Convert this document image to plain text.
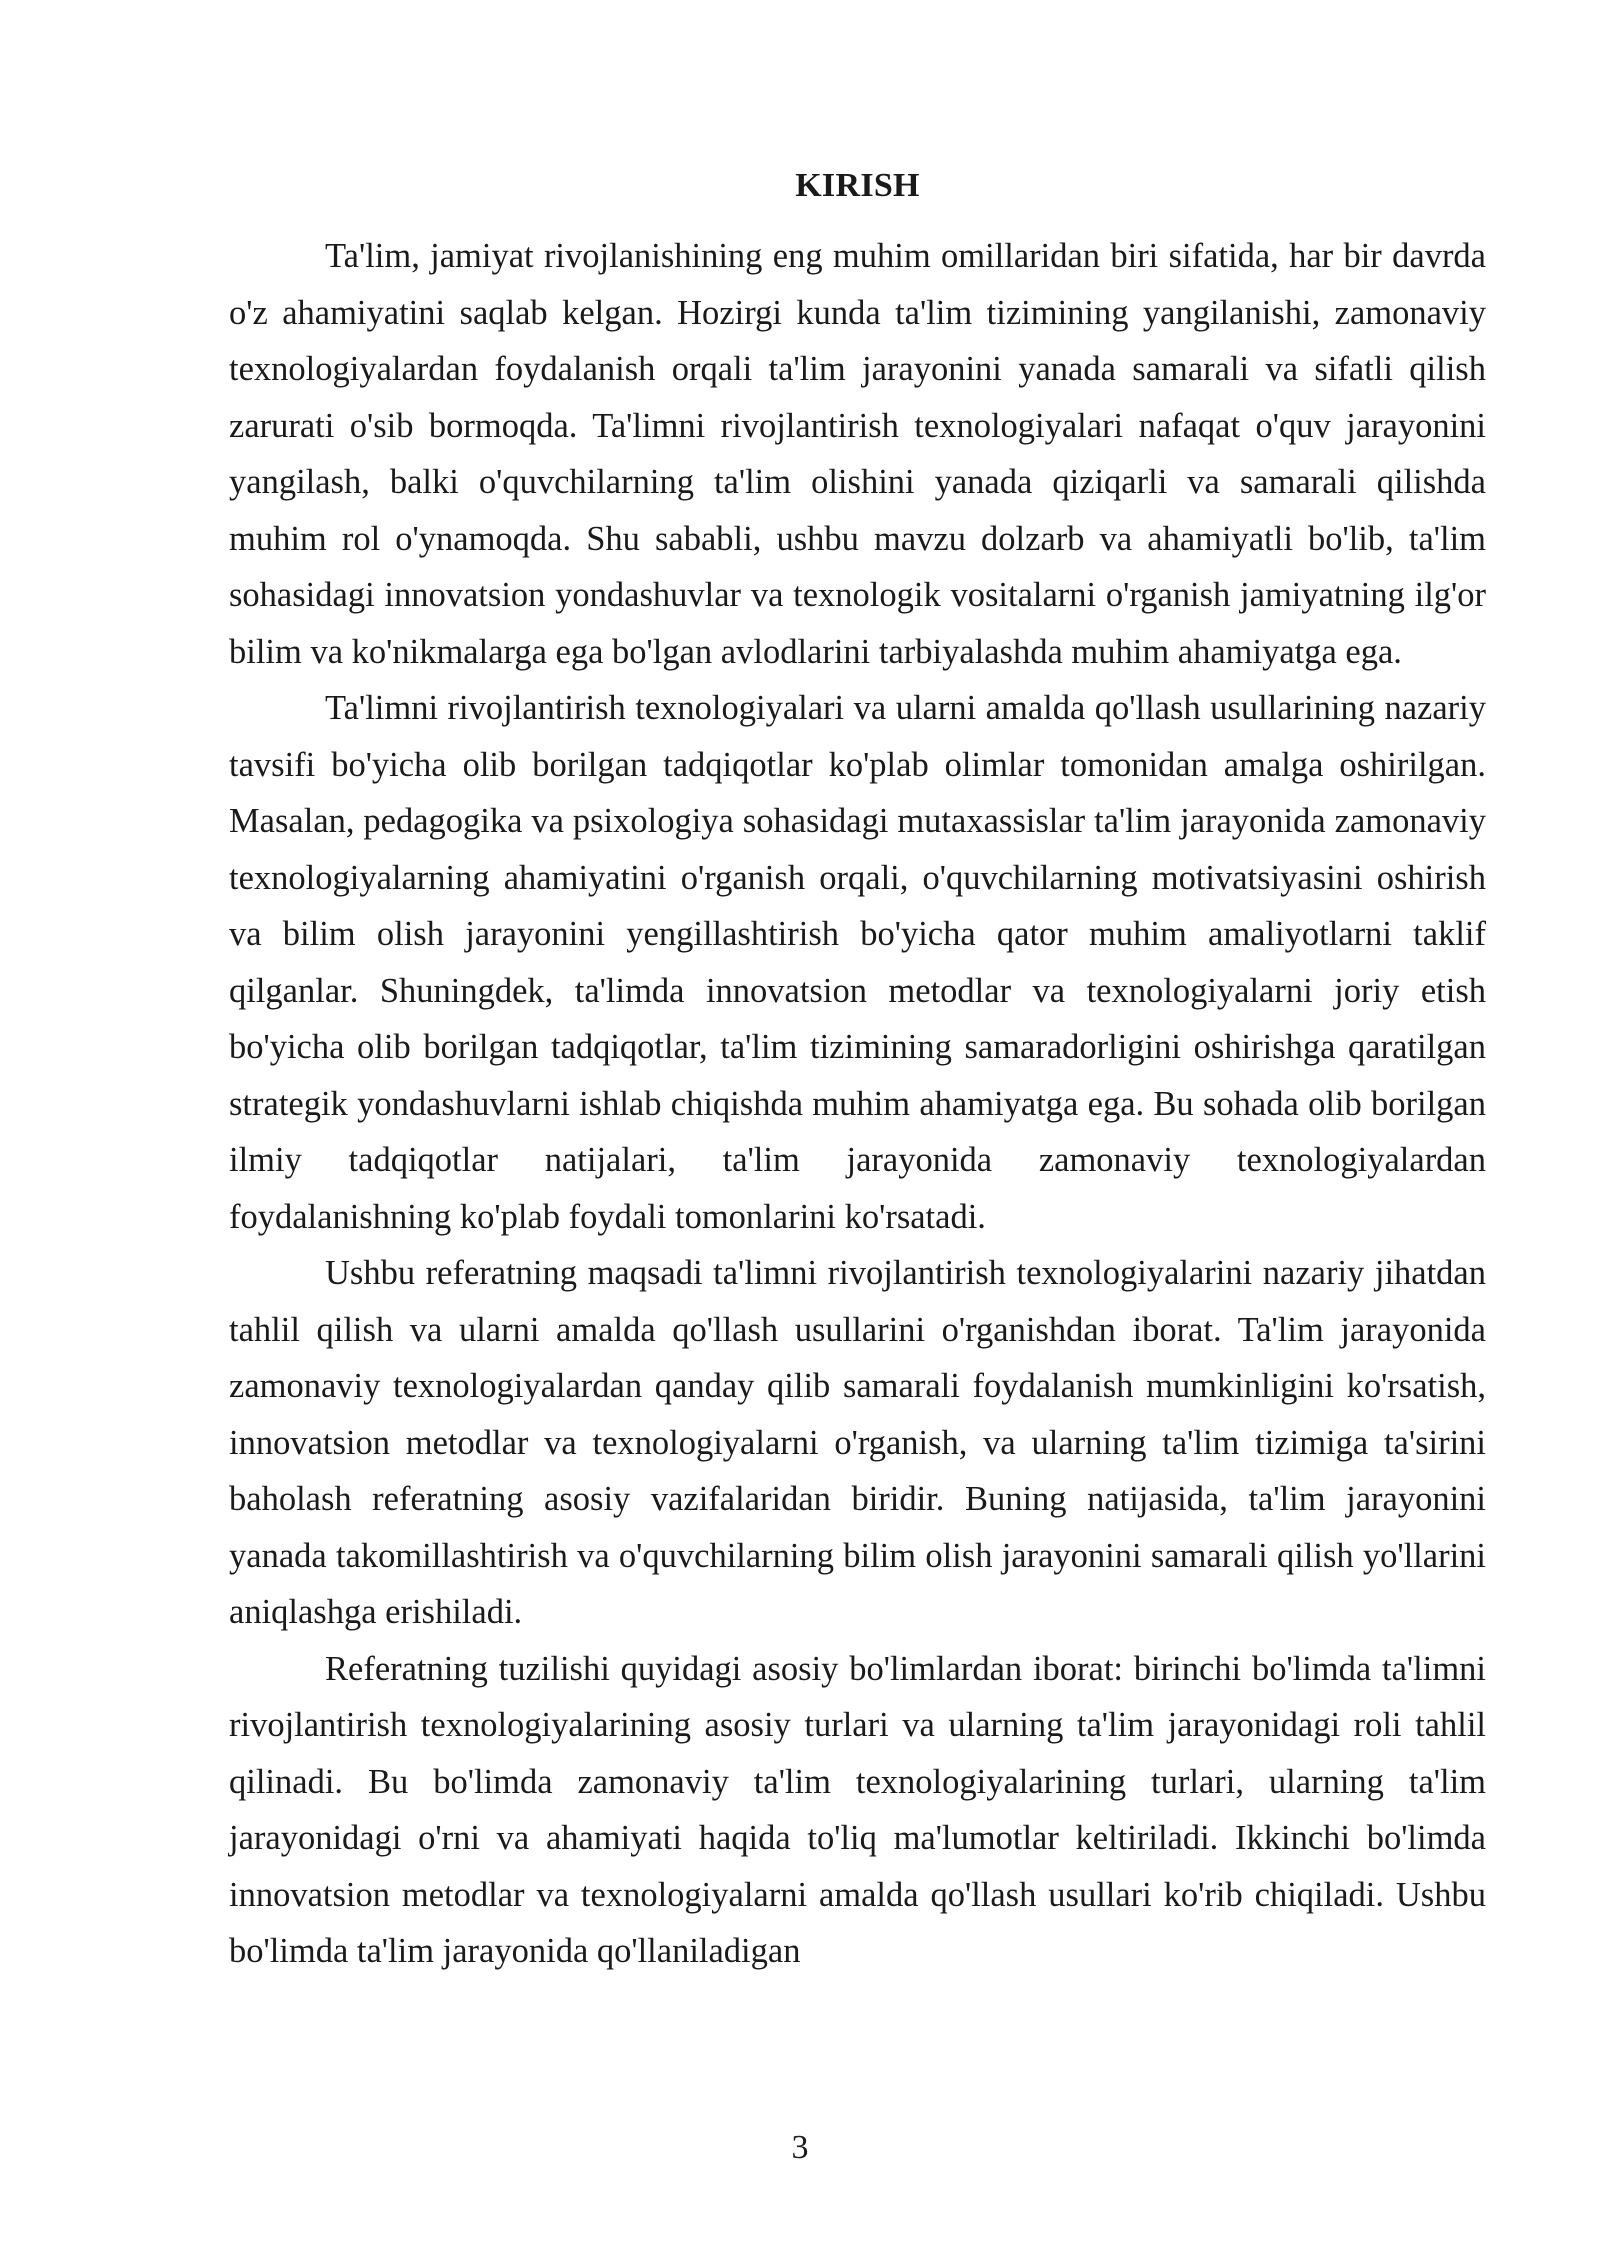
KIRISH

Ta'lim, jamiyat rivojlanishining eng muhim omillaridan biri sifatida, har bir davrda o'z ahamiyatini saqlab kelgan. Hozirgi kunda ta'lim tizimining yangilanishi, zamonaviy texnologiyalardan foydalanish orqali ta'lim jarayonini yanada samarali va sifatli qilish zarurati o'sib bormoqda. Ta'limni rivojlantirish texnologiyalari nafaqat o'quv jarayonini yangilash, balki o'quvchilarning ta'lim olishini yanada qiziqarli va samarali qilishda muhim rol o'ynamoqda. Shu sababli, ushbu mavzu dolzarb va ahamiyatli bo'lib, ta'lim sohasidagi innovatsion yondashuvlar va texnologik vositalarni o'rganish jamiyatning ilg'or bilim va ko'nikmalarga ega bo'lgan avlodlarini tarbiyalashda muhim ahamiyatga ega.

Ta'limni rivojlantirish texnologiyalari va ularni amalda qo'llash usullarining nazariy tavsifi bo'yicha olib borilgan tadqiqotlar ko'plab olimlar tomonidan amalga oshirilgan. Masalan, pedagogika va psixologiya sohasidagi mutaxassislar ta'lim jarayonida zamonaviy texnologiyalarning ahamiyatini o'rganish orqali, o'quvchilarning motivatsiyasini oshirish va bilim olish jarayonini yengillashtirish bo'yicha qator muhim amaliyotlarni taklif qilganlar. Shuningdek, ta'limda innovatsion metodlar va texnologiyalarni joriy etish bo'yicha olib borilgan tadqiqotlar, ta'lim tizimining samaradorligini oshirishga qaratilgan strategik yondashuvlarni ishlab chiqishda muhim ahamiyatga ega. Bu sohada olib borilgan ilmiy tadqiqotlar natijalari, ta'lim jarayonida zamonaviy texnologiyalardan foydalanishning ko'plab foydali tomonlarini ko'rsatadi.

Ushbu referatning maqsadi ta'limni rivojlantirish texnologiyalarini nazariy jihatdan tahlil qilish va ularni amalda qo'llash usullarini o'rganishdan iborat. Ta'lim jarayonida zamonaviy texnologiyalardan qanday qilib samarali foydalanish mumkinligini ko'rsatish, innovatsion metodlar va texnologiyalarni o'rganish, va ularning ta'lim tizimiga ta'sirini baholash referatning asosiy vazifalaridan biridir. Buning natijasida, ta'lim jarayonini yanada takomillashtirish va o'quvchilarning bilim olish jarayonini samarali qilish yo'llarini aniqlashga erishiladi.

Referatning tuzilishi quyidagi asosiy bo'limlardan iborat: birinchi bo'limda ta'limni rivojlantirish texnologiyalarining asosiy turlari va ularning ta'lim jarayonidagi roli tahlil qilinadi. Bu bo'limda zamonaviy ta'lim texnologiyalarining turlari, ularning ta'lim jarayonidagi o'rni va ahamiyati haqida to'liq ma'lumotlar keltiriladi. Ikkinchi bo'limda innovatsion metodlar va texnologiyalarni amalda qo'llash usullari ko'rib chiqiladi. Ushbu bo'limda ta'lim jarayonida qo'llaniladigan

3
